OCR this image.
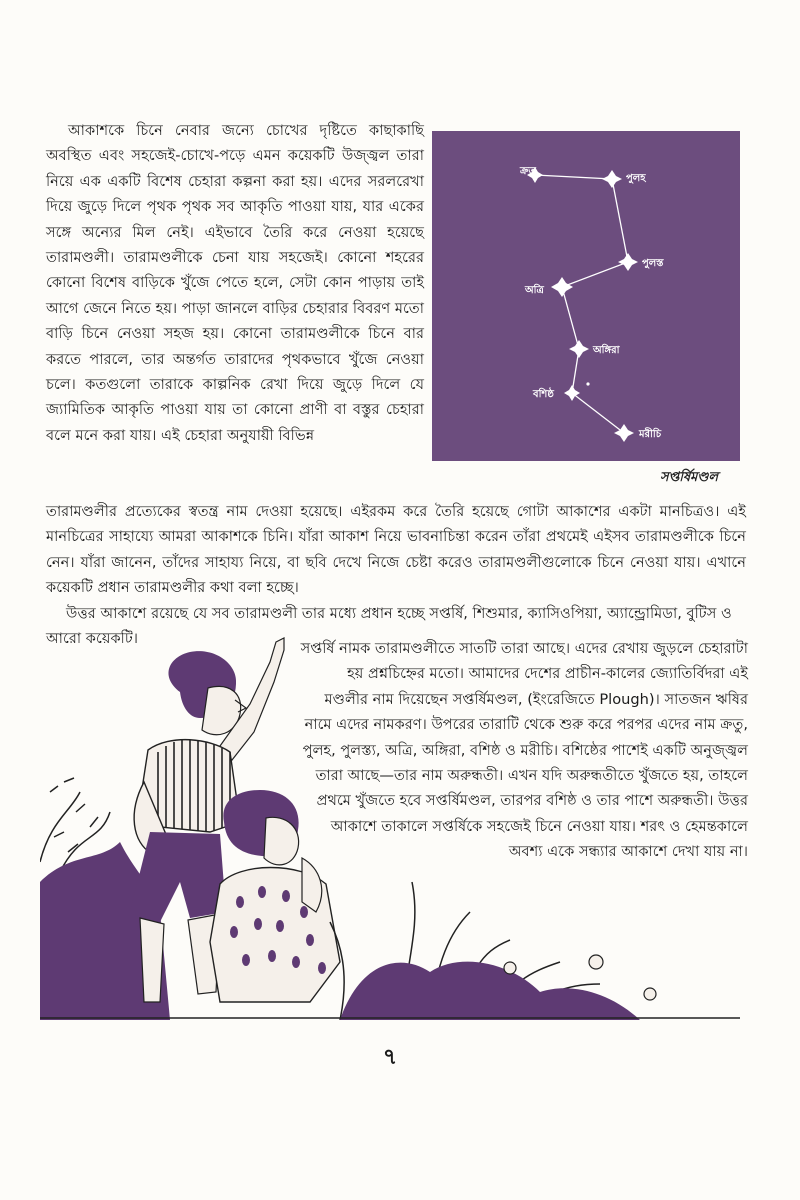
আকাশকে চিনে নেবার জন্যে চোখের দৃষ্টিতে কাছাকাছি অবস্থিত এবং সহজেই-চোখে-পড়ে এমন কয়েকটি উজ্জ্বল তারা নিয়ে এক একটি বিশেষ চেহারা কল্পনা করা হয়। এদের সরলরেখা দিয়ে জুড়ে দিলে পৃথক পৃথক সব আকৃতি পাওয়া যায়, যার একের সঙ্গে অন্যের মিল নেই। এইভাবে তৈরি করে নেওয়া হয়েছে তারামণ্ডলী। তারামণ্ডলীকে চেনা যায় সহজেই। কোনো শহরের কোনো বিশেষ বাড়িকে খুঁজে পেতে হলে, সেটা কোন পাড়ায় তাই আগে জেনে নিতে হয়। পাড়া জানলে বাড়ির চেহারার বিবরণ মতো বাড়ি চিনে নেওয়া সহজ হয়। কোনো তারামণ্ডলীকে চিনে বার করতে পারলে, তার অন্তর্গত তারাদের পৃথকভাবে খুঁজে নেওয়া চলে। কতগুলো তারাকে কাল্পনিক রেখা দিয়ে জুড়ে দিলে যে জ্যামিতিক আকৃতি পাওয়া যায় তা কোনো প্রাণী বা বস্তুর চেহারা বলে মনে করা যায়। এই চেহারা অনুযায়ী বিভিন্ন

ক্রতু
পুলহ
পুলস্ত
অত্রি
অঙ্গিরা
বশিষ্ঠ
মরীচি
সপ্তর্ষিমণ্ডল

তারামণ্ডলীর প্রত্যেকের স্বতন্ত্র নাম দেওয়া হয়েছে। এইরকম করে তৈরি হয়েছে গোটা আকাশের একটা মানচিত্রও। এই মানচিত্রের সাহায্যে আমরা আকাশকে চিনি। যাঁরা আকাশ নিয়ে ভাবনাচিন্তা করেন তাঁরা প্রথমেই এইসব তারামণ্ডলীকে চিনে নেন। যাঁরা জানেন, তাঁদের সাহায্য নিয়ে, বা ছবি দেখে নিজে চেষ্টা করেও তারামণ্ডলীগুলোকে চিনে নেওয়া যায়। এখানে কয়েকটি প্রধান তারামণ্ডলীর কথা বলা হচ্ছে।

উত্তর আকাশে রয়েছে যে সব তারামণ্ডলী তার মধ্যে প্রধান হচ্ছে সপ্তর্ষি, শিশুমার, ক্যাসিওপিয়া, অ্যান্ড্রোমিডা, বুটিস ও আরো কয়েকটি।

সপ্তর্ষি নামক তারামণ্ডলীতে সাতটি তারা আছে। এদের রেখায় জুড়লে চেহারাটা হয় প্রশ্নচিহ্নের মতো। আমাদের দেশের প্রাচীন-কালের জ্যোতির্বিদরা এই মণ্ডলীর নাম দিয়েছেন সপ্তর্ষিমণ্ডল, (ইংরেজিতে Plough)। সাতজন ঋষির নামে এদের নামকরণ। উপরের তারাটি থেকে শুরু করে পরপর এদের নাম ক্রতু, পুলহ, পুলস্ত্য, অত্রি, অঙ্গিরা, বশিষ্ঠ ও মরীচি। বশিষ্ঠের পাশেই একটি অনুজ্জ্বল তারা আছে—তার নাম অরুন্ধতী। এখন যদি অরুন্ধতীতে খুঁজতে হয়, তাহলে প্রথমে খুঁজতে হবে সপ্তর্ষিমণ্ডল, তারপর বশিষ্ঠ ও তার পাশে অরুন্ধতী। উত্তর আকাশে তাকালে সপ্তর্ষিকে সহজেই চিনে নেওয়া যায়। শরৎ ও হেমন্তকালে অবশ্য একে সন্ধ্যার আকাশে দেখা যায় না।

৭
